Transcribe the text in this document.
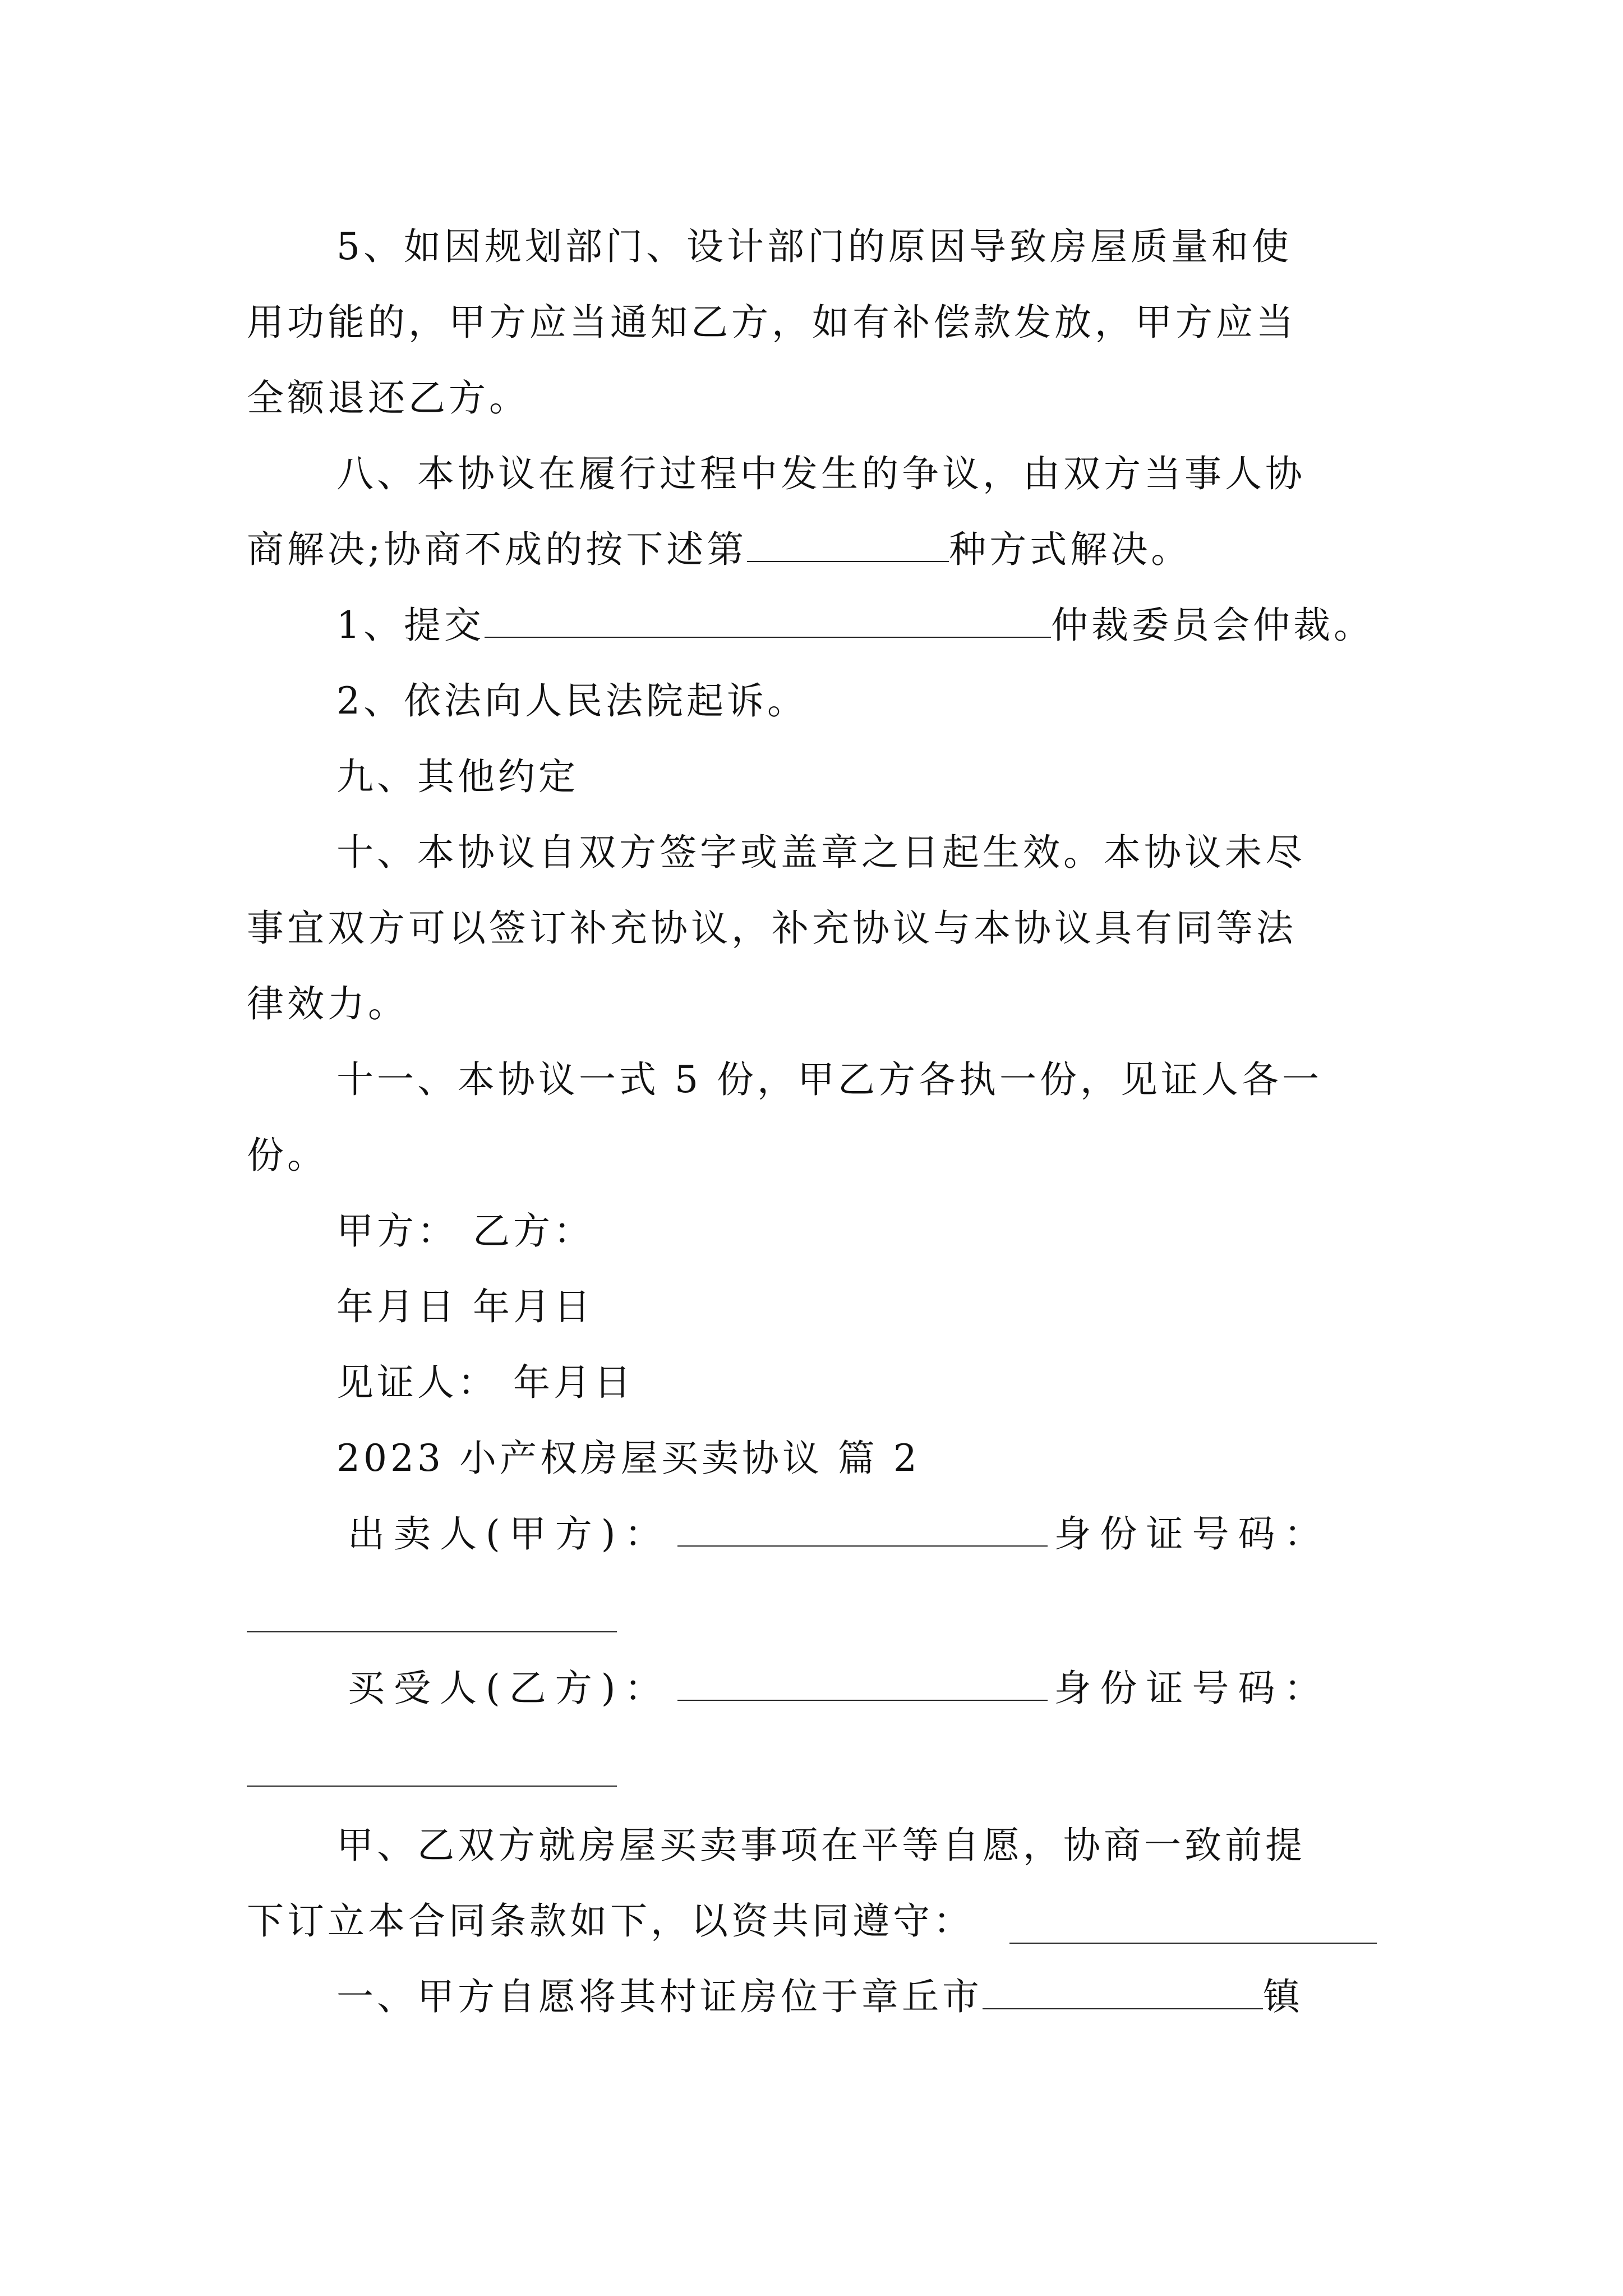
5、如因规划部门、设计部门的原因导致房屋质量和使
用功能的，甲方应当通知乙方，如有补偿款发放，甲方应当
全额退还乙方。
八、本协议在履行过程中发生的争议，由双方当事人协
商解决;协商不成的按下述第	种方式解决。
1、提交	仲裁委员会仲裁。
2、依法向人民法院起诉。
九、其他约定
十、本协议自双方签字或盖章之日起生效。本协议未尽
事宜双方可以签订补充协议，补充协议与本协议具有同等法
律效力。
十一、本协议一式 5 份，甲乙方各执一份，见证人各一
份。
甲方： 乙方：
年月日 年月日
见证人： 年月日
2023 小产权房屋买卖协议 篇 2
出卖人(甲方)：	身份证号码：
买受人(乙方)：	身份证号码：
甲、乙双方就房屋买卖事项在平等自愿，协商一致前提
下订立本合同条款如下，以资共同遵守：
一、甲方自愿将其村证房位于章丘市	镇
